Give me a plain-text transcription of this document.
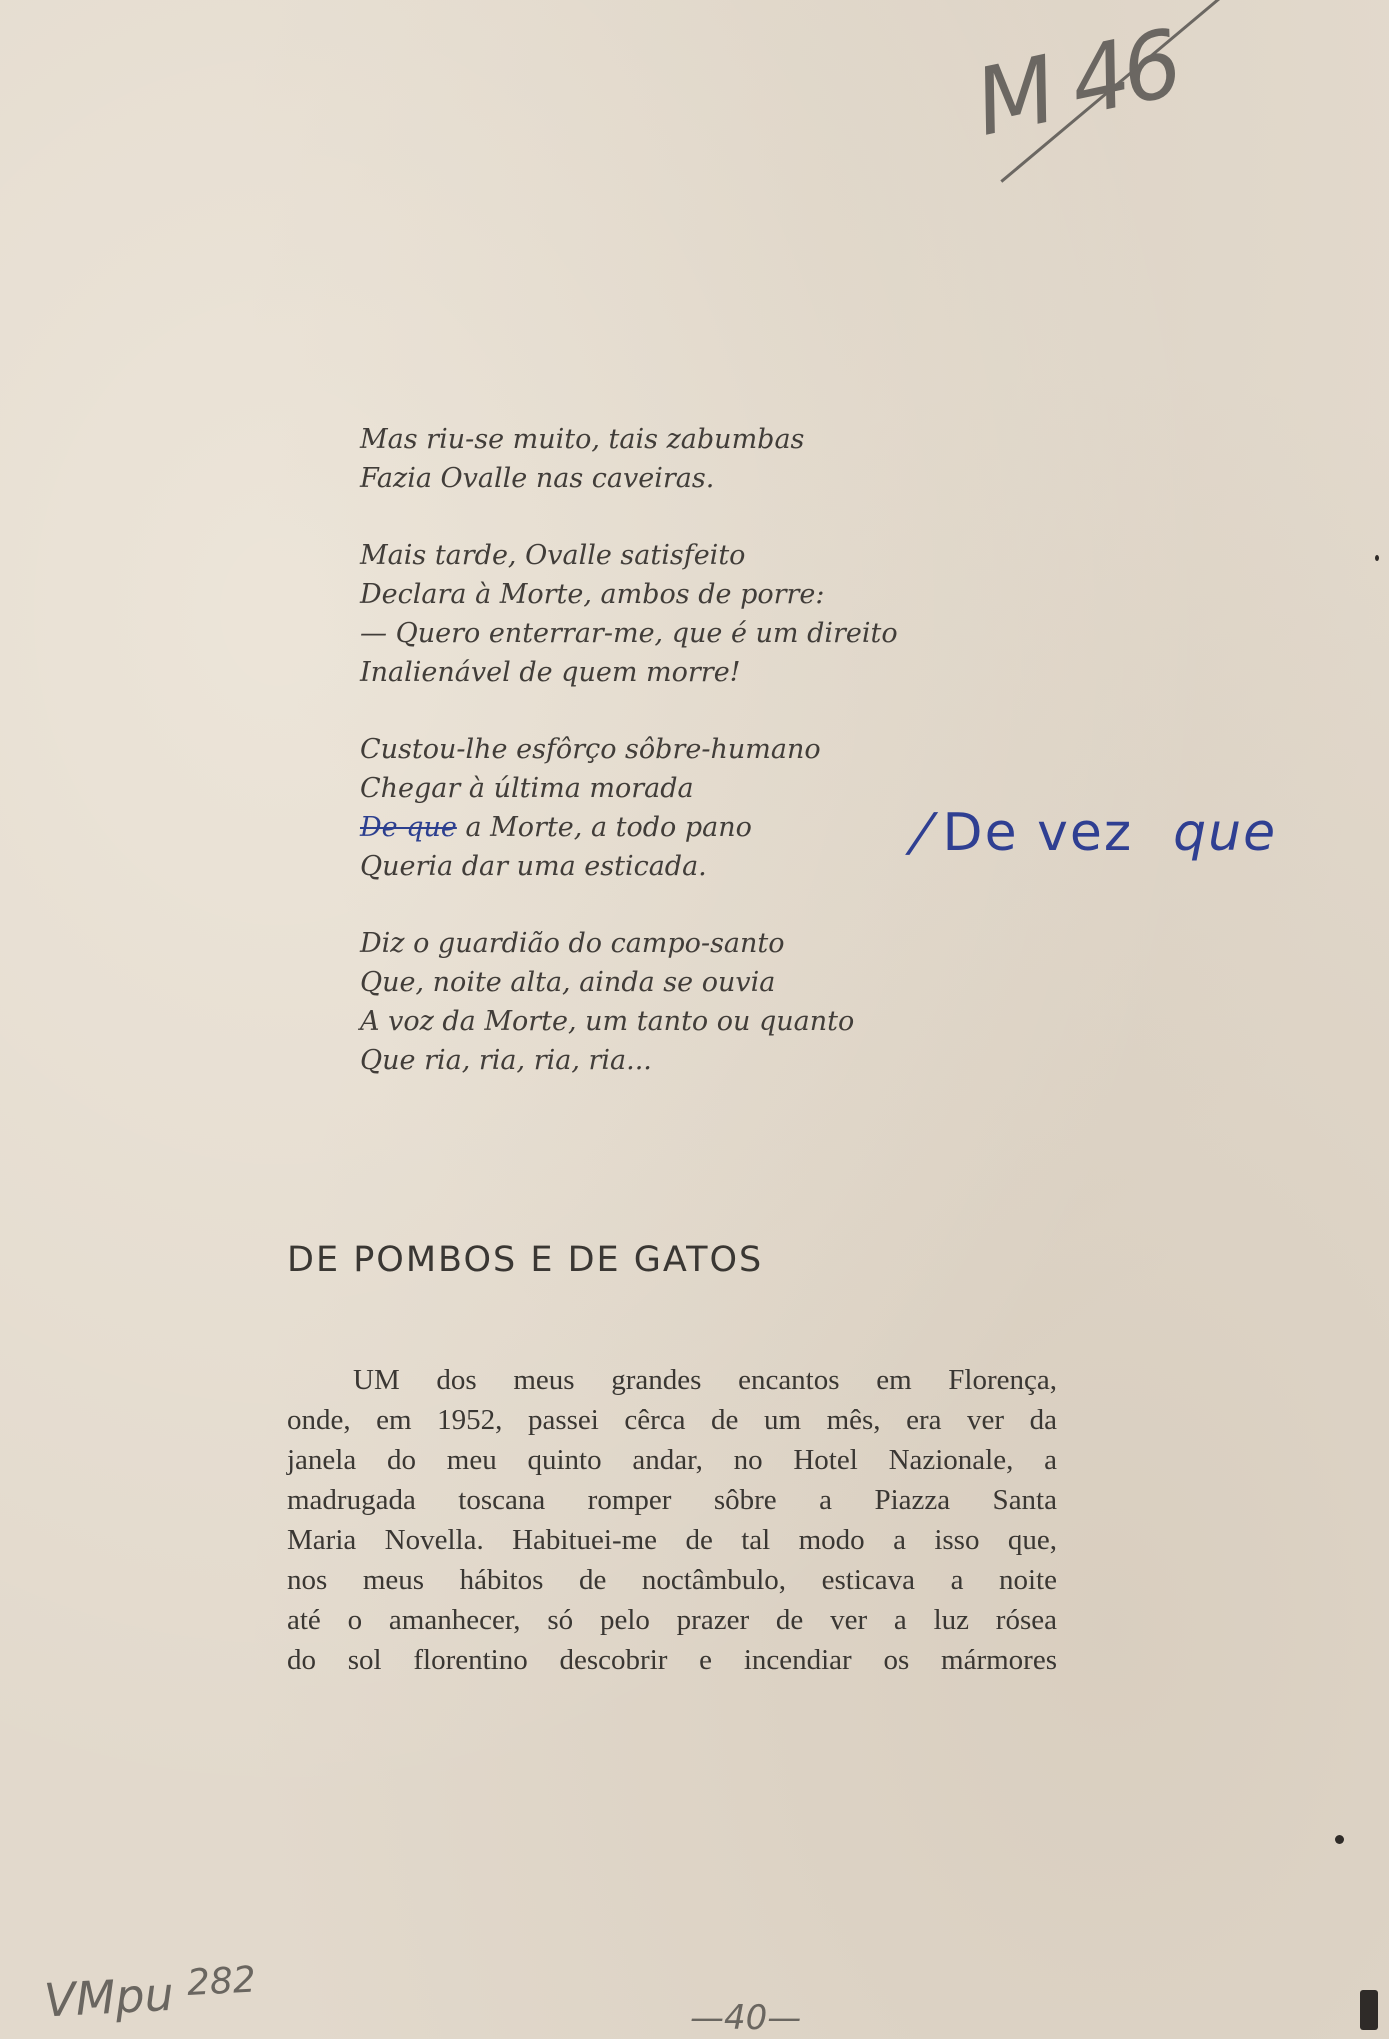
M 46
Mas riu-se muito, tais zabumbas
Fazia Ovalle nas caveiras.
Mais tarde, Ovalle satisfeito
Declara à Morte, ambos de porre:
— Quero enterrar-me, que é um direito
Inalienável de quem morre!
Custou-lhe esfôrço sôbre-humano
Chegar à última morada
De que a Morte, a todo pano
Queria dar uma esticada.
Diz o guardião do campo-santo
Que, noite alta, ainda se ouvia
A voz da Morte, um tanto ou quanto
Que ria, ria, ria, ria...
/De vez que
DE POMBOS E DE GATOS
UM dos meus grandes encantos em Florença,
onde, em 1952, passei cêrca de um mês, era ver da
janela do meu quinto andar, no Hotel Nazionale, a
madrugada toscana romper sôbre a Piazza Santa
Maria Novella. Habituei-me de tal modo a isso que,
nos meus hábitos de noctâmbulo, esticava a noite
até o amanhecer, só pelo prazer de ver a luz rósea
do sol florentino descobrir e incendiar os mármores
VMpu $^{282}$
—40—
